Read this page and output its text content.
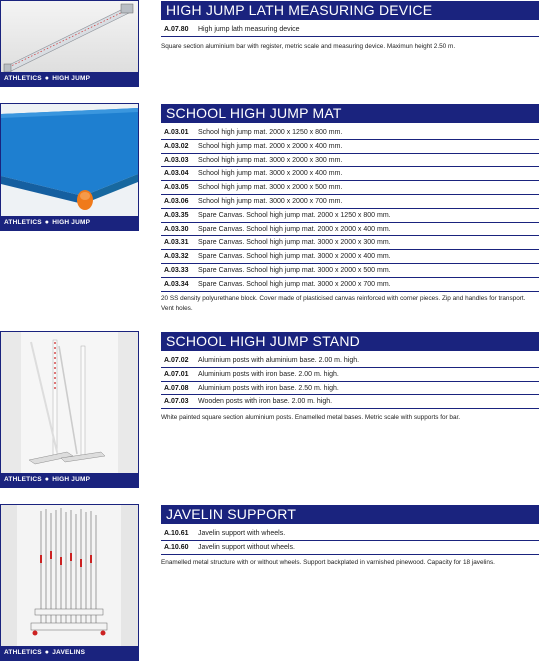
ATHLETICS ● HIGH JUMP
HIGH JUMP LATH MEASURING DEVICE
A.07.80 High jump lath measuring device
Square section aluminium bar with register, metric scale and measuring device. Maximun height 2.50 m.
ATHLETICS ● HIGH JUMP
SCHOOL HIGH JUMP MAT
A.03.01 School high jump mat. 2000 x 1250 x 800 mm.
A.03.02 School high jump mat. 2000 x 2000 x 400 mm.
A.03.03 School high jump mat. 3000 x 2000 x 300 mm.
A.03.04 School high jump mat. 3000 x 2000 x 400 mm.
A.03.05 School high jump mat. 3000 x 2000 x 500 mm.
A.03.06 School high jump mat. 3000 x 2000 x 700 mm.
A.03.35 Spare Canvas. School high jump mat. 2000 x 1250 x 800 mm.
A.03.30 Spare Canvas. School high jump mat. 2000 x 2000 x 400 mm.
A.03.31 Spare Canvas. School high jump mat. 3000 x 2000 x 300 mm.
A.03.32 Spare Canvas. School high jump mat. 3000 x 2000 x 400 mm.
A.03.33 Spare Canvas. School high jump mat. 3000 x 2000 x 500 mm.
A.03.34 Spare Canvas. School high jump mat. 3000 x 2000 x 700 mm.
20 SS density polyurethane block. Cover made of plasticised canvas reinforced with corner pieces. Zip and handles for transport. Vent holes.
ATHLETICS ● HIGH JUMP
SCHOOL HIGH JUMP STAND
A.07.02 Aluminium posts with aluminium base. 2.00 m. high.
A.07.01 Aluminium posts with iron base. 2.00 m. high.
A.07.08 Aluminium posts with iron base. 2.50 m. high.
A.07.03 Wooden posts with iron base. 2.00 m. high.
White painted square section aluminium posts. Enamelled metal bases. Metric scale with supports for bar.
ATHLETICS ● JAVELINS
JAVELIN SUPPORT
A.10.61 Javelin support with wheels.
A.10.60 Javelin support without wheels.
Enamelled metal structure with or without wheels. Support backplated in varnished pinewood. Capacity for 18 javelins.
